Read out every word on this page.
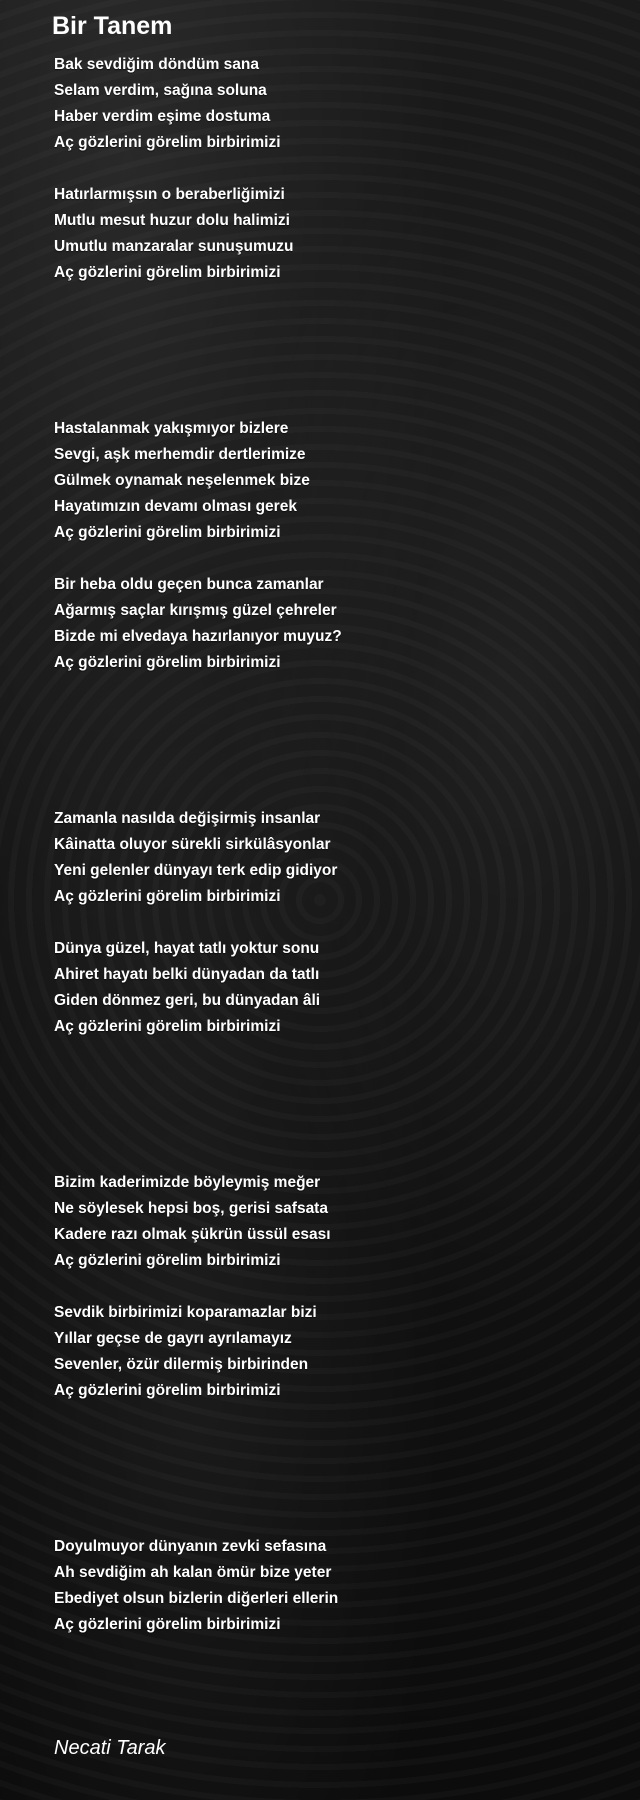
Bir Tanem
Bak sevdiğim döndüm sana
Selam verdim, sağına soluna
Haber verdim eşime dostuma
Aç gözlerini görelim birbirimizi
Hatırlarmışsın o beraberliğimizi
Mutlu mesut huzur dolu halimizi
Umutlu manzaralar sunuşumuzu
Aç gözlerini görelim birbirimizi
Hastalanmak yakışmıyor bizlere
Sevgi, aşk merhemdir dertlerimize
Gülmek oynamak neşelenmek bize
Hayatımızın devamı olması gerek
Aç gözlerini görelim birbirimizi
Bir heba oldu geçen bunca zamanlar
Ağarmış saçlar kırışmış güzel çehreler
Bizde mi elvedaya hazırlanıyor muyuz?
Aç gözlerini görelim birbirimizi
Zamanla nasılda değişirmiş insanlar
Kâinatta oluyor sürekli sirkülâsyonlar
Yeni gelenler dünyayı terk edip gidiyor
Aç gözlerini görelim birbirimizi
Dünya güzel, hayat tatlı yoktur sonu
Ahiret hayatı belki dünyadan da tatlı
Giden dönmez geri, bu dünyadan âli
Aç gözlerini görelim birbirimizi
Bizim kaderimizde böyleymiş meğer
Ne söylesek hepsi boş, gerisi safsata
Kadere razı olmak şükrün üssül esası
Aç gözlerini görelim birbirimizi
Sevdik birbirimizi koparamazlar bizi
Yıllar geçse de gayrı ayrılamayız
Sevenler, özür dilermiş birbirinden
Aç gözlerini görelim birbirimizi
Doyulmuyor dünyanın zevki sefasına
Ah sevdiğim ah kalan ömür bize yeter
Ebediyet olsun bizlerin diğerleri ellerin
Aç gözlerini görelim birbirimizi
Necati Tarak
